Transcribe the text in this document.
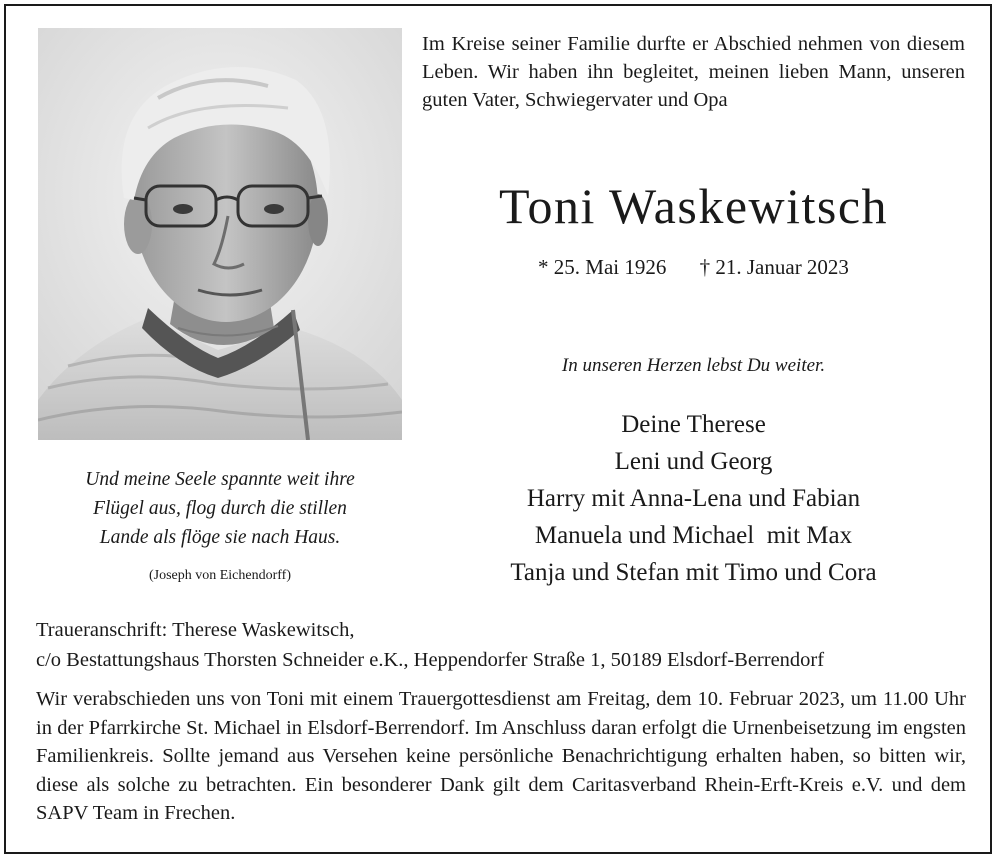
Im Kreise seiner Familie durfte er Abschied nehmen von diesem Leben. Wir haben ihn begleitet, meinen lieben Mann, unseren guten Vater, Schwiegervater und Opa
Toni Waskewitsch
* 25. Mai 1926 † 21. Januar 2023
In unseren Herzen lebst Du weiter.
Deine Therese
Leni und Georg
Harry mit Anna-Lena und Fabian
Manuela und Michael  mit Max
Tanja und Stefan mit Timo und Cora
Und meine Seele spannte weit ihre
Flügel aus, flog durch die stillen
Lande als flöge sie nach Haus.
(Joseph von Eichendorff)
Traueranschrift: Therese Waskewitsch,
c/o Bestattungshaus Thorsten Schneider e.K., Heppendorfer Straße 1, 50189 Elsdorf-Berrendorf
Wir verabschieden uns von Toni mit einem Trauergottesdienst am Freitag, dem 10. Februar 2023, um 11.00 Uhr in der Pfarrkirche St. Michael in Elsdorf-Berrendorf. Im Anschluss daran erfolgt die Urnenbeisetzung im engsten Familienkreis. Sollte jemand aus Versehen keine persönliche Benachrichtigung erhalten haben, so bitten wir, diese als solche zu betrachten. Ein besonderer Dank gilt dem Caritasverband Rhein-Erft-Kreis e.V. und dem SAPV Team in Frechen.
